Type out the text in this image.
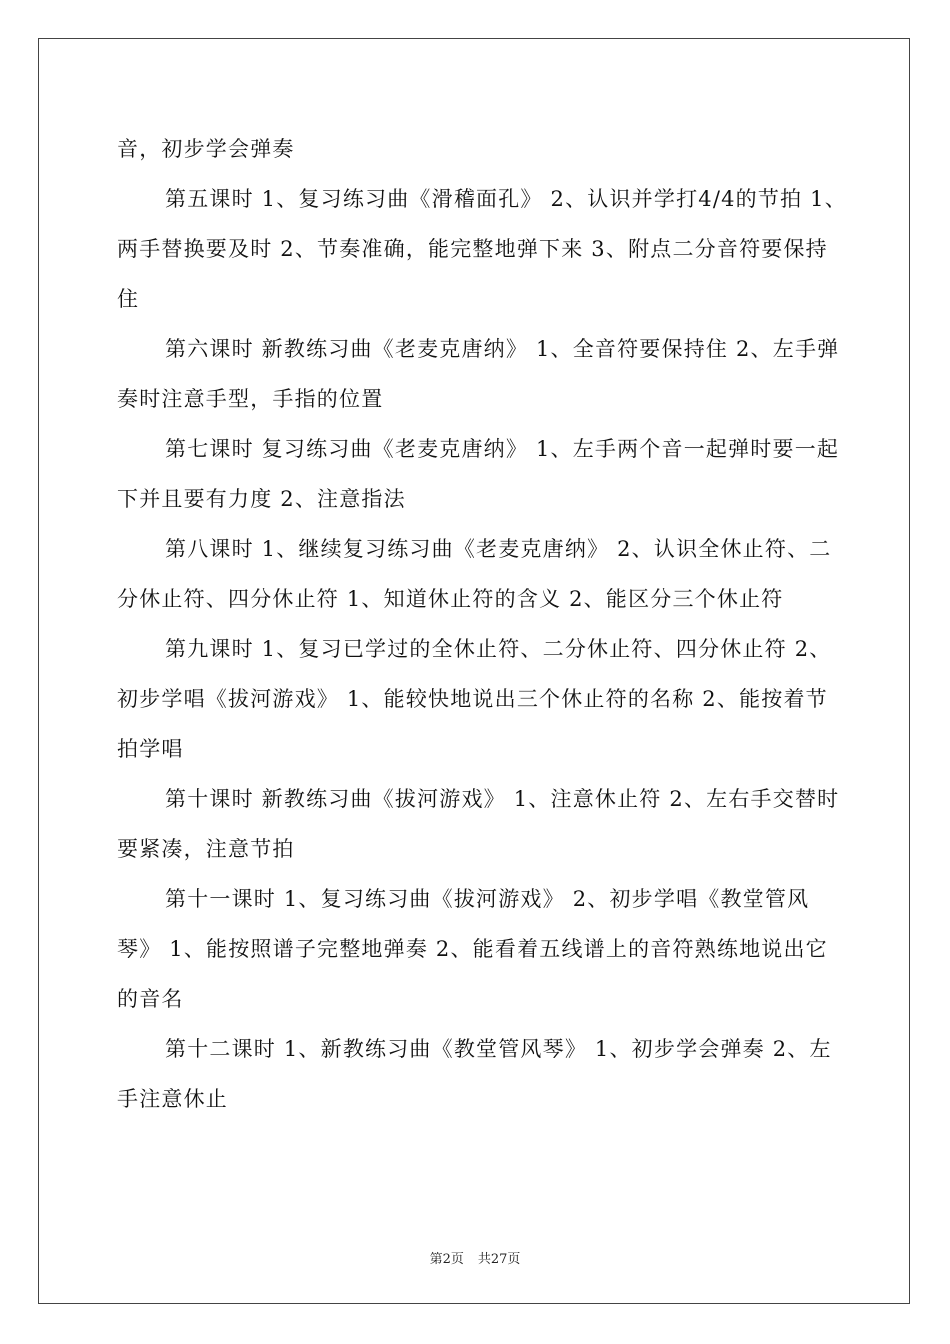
音，初步学会弹奏

第五课时 1、复习练习曲《滑稽面孔》 2、认识并学打4/4的节拍 1、两手替换要及时 2、节奏准确，能完整地弹下来 3、附点二分音符要保持住

第六课时 新教练习曲《老麦克唐纳》 1、全音符要保持住 2、左手弹奏时注意手型，手指的位置

第七课时 复习练习曲《老麦克唐纳》 1、左手两个音一起弹时要一起下并且要有力度 2、注意指法

第八课时 1、继续复习练习曲《老麦克唐纳》 2、认识全休止符、二分休止符、四分休止符 1、知道休止符的含义 2、能区分三个休止符

第九课时 1、复习已学过的全休止符、二分休止符、四分休止符 2、初步学唱《拔河游戏》 1、能较快地说出三个休止符的名称 2、能按着节拍学唱

第十课时 新教练习曲《拔河游戏》 1、注意休止符 2、左右手交替时要紧凑，注意节拍

第十一课时 1、复习练习曲《拔河游戏》 2、初步学唱《教堂管风琴》 1、能按照谱子完整地弹奏 2、能看着五线谱上的音符熟练地说出它的音名

第十二课时 1、新教练习曲《教堂管风琴》 1、初步学会弹奏 2、左手注意休止

第2页 共27页
